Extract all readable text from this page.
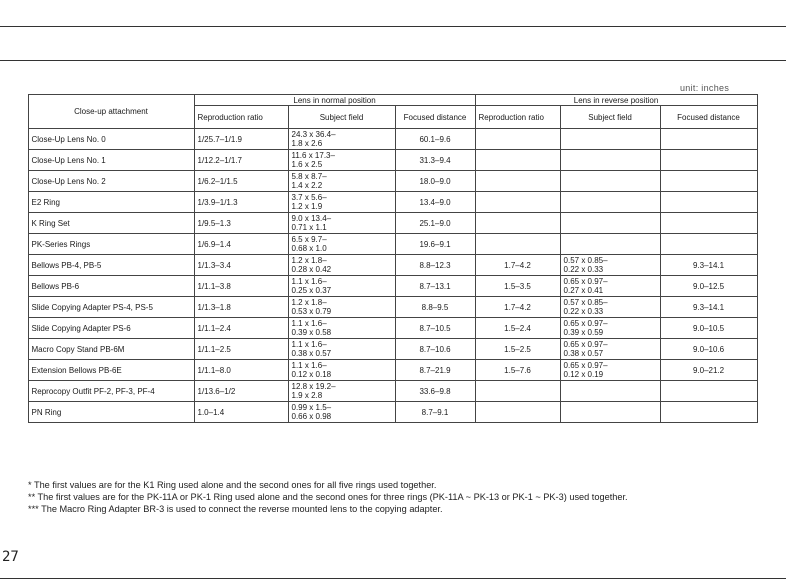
unit: inches
	Close-up attachment	Lens in normal position			Lens in reverse position		
	Reproduction ratio	Subject field	Focused distance	Reproduction ratio	Subject field	Focused distance
	Close-Up Lens No. 0	1/25.7–1/1.9	24.3 x 36.4–
1.8 x 2.6	60.1–9.6		

	Close-Up Lens No. 1	1/12.2–1/1.7	11.6 x 17.3–
1.6 x 2.5	31.3–9.4		

	Close-Up Lens No. 2	1/6.2–1/1.5	5.8 x 8.7–
1.4 x 2.2	18.0–9.0		

	E2 Ring	1/3.9–1/1.3	3.7 x 5.6–
1.2 x 1.9	13.4–9.0		

	K Ring Set	1/9.5–1.3	9.0 x 13.4–
0.71 x 1.1	25.1–9.0		

	PK-Series Rings	1/6.9–1.4	6.5 x 9.7–
0.68 x 1.0	19.6–9.1		

	Bellows PB-4, PB-5	1/1.3–3.4	1.2 x 1.8–
0.28 x 0.42	8.8–12.3	1.7–4.2	0.57 x 0.85–
0.22 x 0.33	9.3–14.1
	Bellows PB-6	1/1.1–3.8	1.1 x 1.6–
0.25 x 0.37	8.7–13.1	1.5–3.5	0.65 x 0.97–
0.27 x 0.41	9.0–12.5

	Slide Copying Adapter PS-4, PS-5	1/1.3–1.8	1.2 x 1.8–
0.53 x 0.79	8.8–9.5	1.7–4.2	0.57 x 0.85–
0.22 x 0.33	9.3–14.1
	Slide Copying Adapter PS-6	1/1.1–2.4	1.1 x 1.6–
0.39 x 0.58	8.7–10.5	1.5–2.4	0.65 x 0.97–
0.39 x 0.59	9.0–10.5
	Macro Copy Stand PB-6M	1/1.1–2.5	1.1 x 1.6–
0.38 x 0.57	8.7–10.6	1.5–2.5	0.65 x 0.97–
0.38 x 0.57	9.0–10.6
	Extension Bellows PB-6E	1/1.1–8.0	1.1 x 1.6–
0.12 x 0.18	8.7–21.9	1.5–7.6	0.65 x 0.97–
0.12 x 0.19	9.0–21.2
	Reprocopy Outfit PF-2, PF-3, PF-4	1/13.6–1/2	12.8 x 19.2–
1.9 x 2.8	33.6–9.8		

	PN Ring	1.0–1.4	0.99 x 1.5–
0.66 x 0.98	8.7–9.1		

* The first values are for the K1 Ring used alone and the second ones for all five rings used together.
** The first values are for the PK-11A or PK-1 Ring used alone and the second ones for three rings (PK-11A ~ PK-13 or PK-1 ~ PK-3) used together.
*** The Macro Ring Adapter BR-3 is used to connect the reverse mounted lens to the copying adapter.
27
